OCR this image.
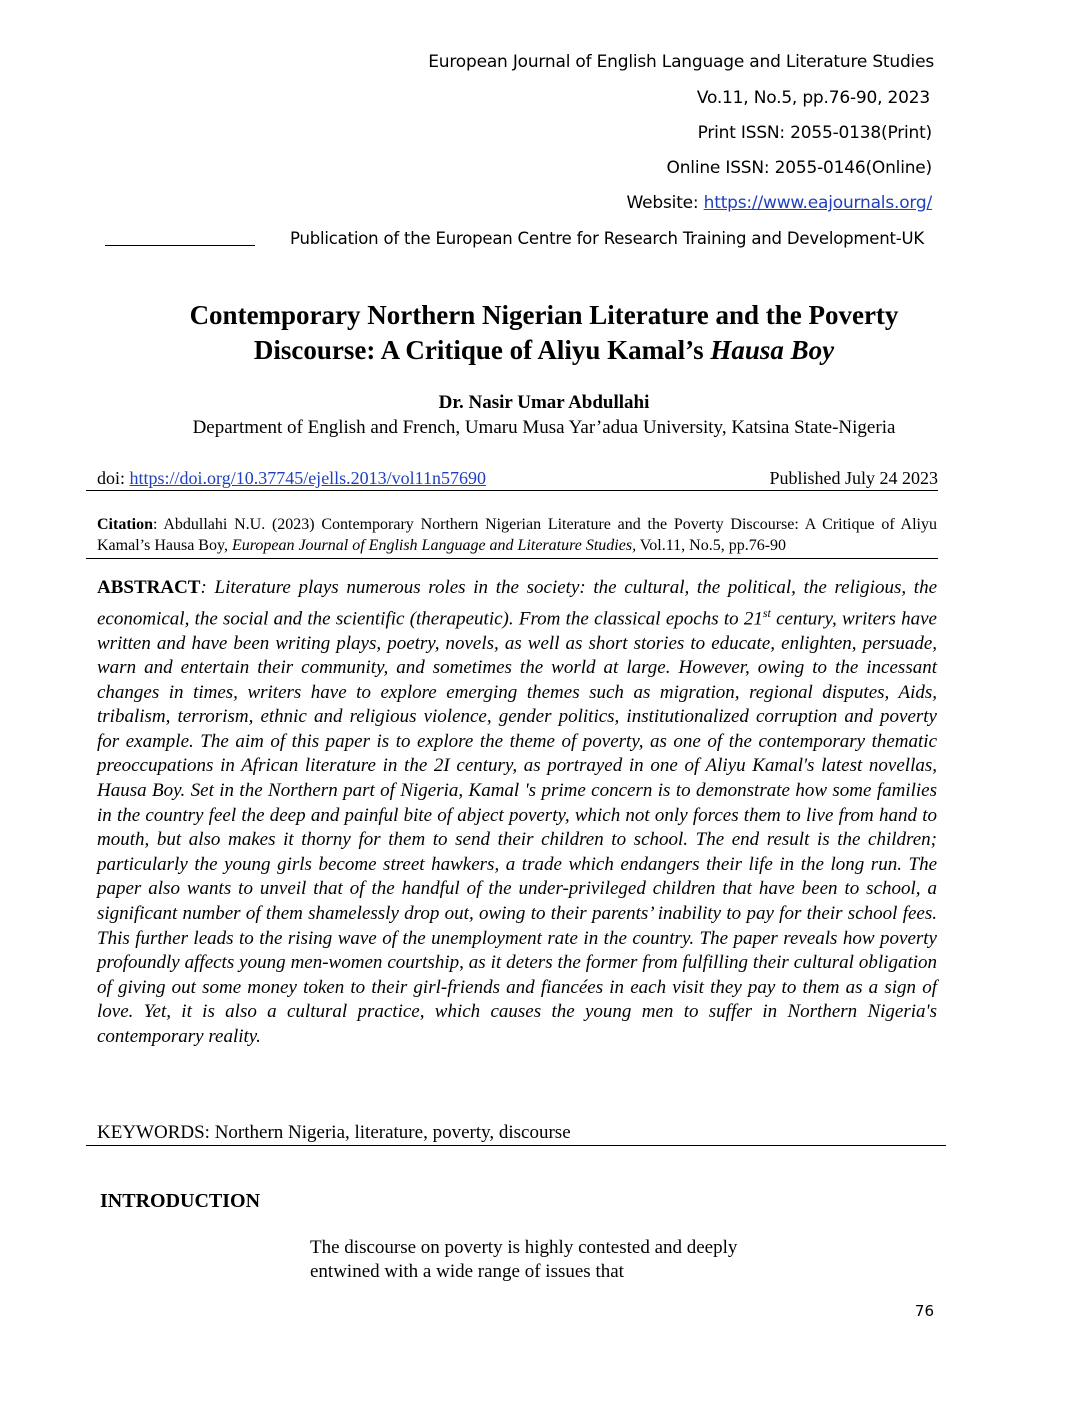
European Journal of English Language and Literature Studies
Vo.11, No.5, pp.76-90, 2023
Print ISSN: 2055-0138(Print)
Online ISSN: 2055-0146(Online)
Website: https://www.eajournals.org/
Publication of the European Centre for Research Training and Development-UK
Contemporary Northern Nigerian Literature and the Poverty
Discourse: A Critique of Aliyu Kamal’s Hausa Boy
Dr. Nasir Umar Abdullahi
Department of English and French, Umaru Musa Yar’adua University, Katsina State-Nigeria
doi: https://doi.org/10.37745/ejells.2013/vol11n57690	Published July 24 2023
Citation: Abdullahi N.U. (2023) Contemporary Northern Nigerian Literature and the Poverty Discourse: A Critique of Aliyu Kamal’s Hausa Boy, European Journal of English Language and Literature Studies, Vol.11, No.5, pp.76-90
ABSTRACT: Literature plays numerous roles in the society: the cultural, the political, the religious, the economical, the social and the scientific (therapeutic). From the classical epochs to 21st century, writers have written and have been writing plays, poetry, novels, as well as short stories to educate, enlighten, persuade, warn and entertain their community, and sometimes the world at large. However, owing to the incessant changes in times, writers have to explore emerging themes such as migration, regional disputes, Aids, tribalism, terrorism, ethnic and religious violence, gender politics, institutionalized corruption and poverty for example. The aim of this paper is to explore the theme of poverty, as one of the contemporary thematic preoccupations in African literature in the 2I century, as portrayed in one of Aliyu Kamal's latest novellas, Hausa Boy. Set in the Northern part of Nigeria, Kamal 's prime concern is to demonstrate how some families in the country feel the deep and painful bite of abject poverty, which not only forces them to live from hand to mouth, but also makes it thorny for them to send their children to school. The end result is the children; particularly the young girls become street hawkers, a trade which endangers their life in the long run. The paper also wants to unveil that of the handful of the under-privileged children that have been to school, a significant number of them shamelessly drop out, owing to their parents’ inability to pay for their school fees. This further leads to the rising wave of the unemployment rate in the country. The paper reveals how poverty profoundly affects young men-women courtship, as it deters the former from fulfilling their cultural obligation of giving out some money token to their girl-friends and fiancées in each visit they pay to them as a sign of love. Yet, it is also a cultural practice, which causes the young men to suffer in Northern Nigeria's contemporary reality.
KEYWORDS: Northern Nigeria, literature, poverty, discourse
INTRODUCTION
The discourse on poverty is highly contested and deeply entwined with a wide range of issues that
76
